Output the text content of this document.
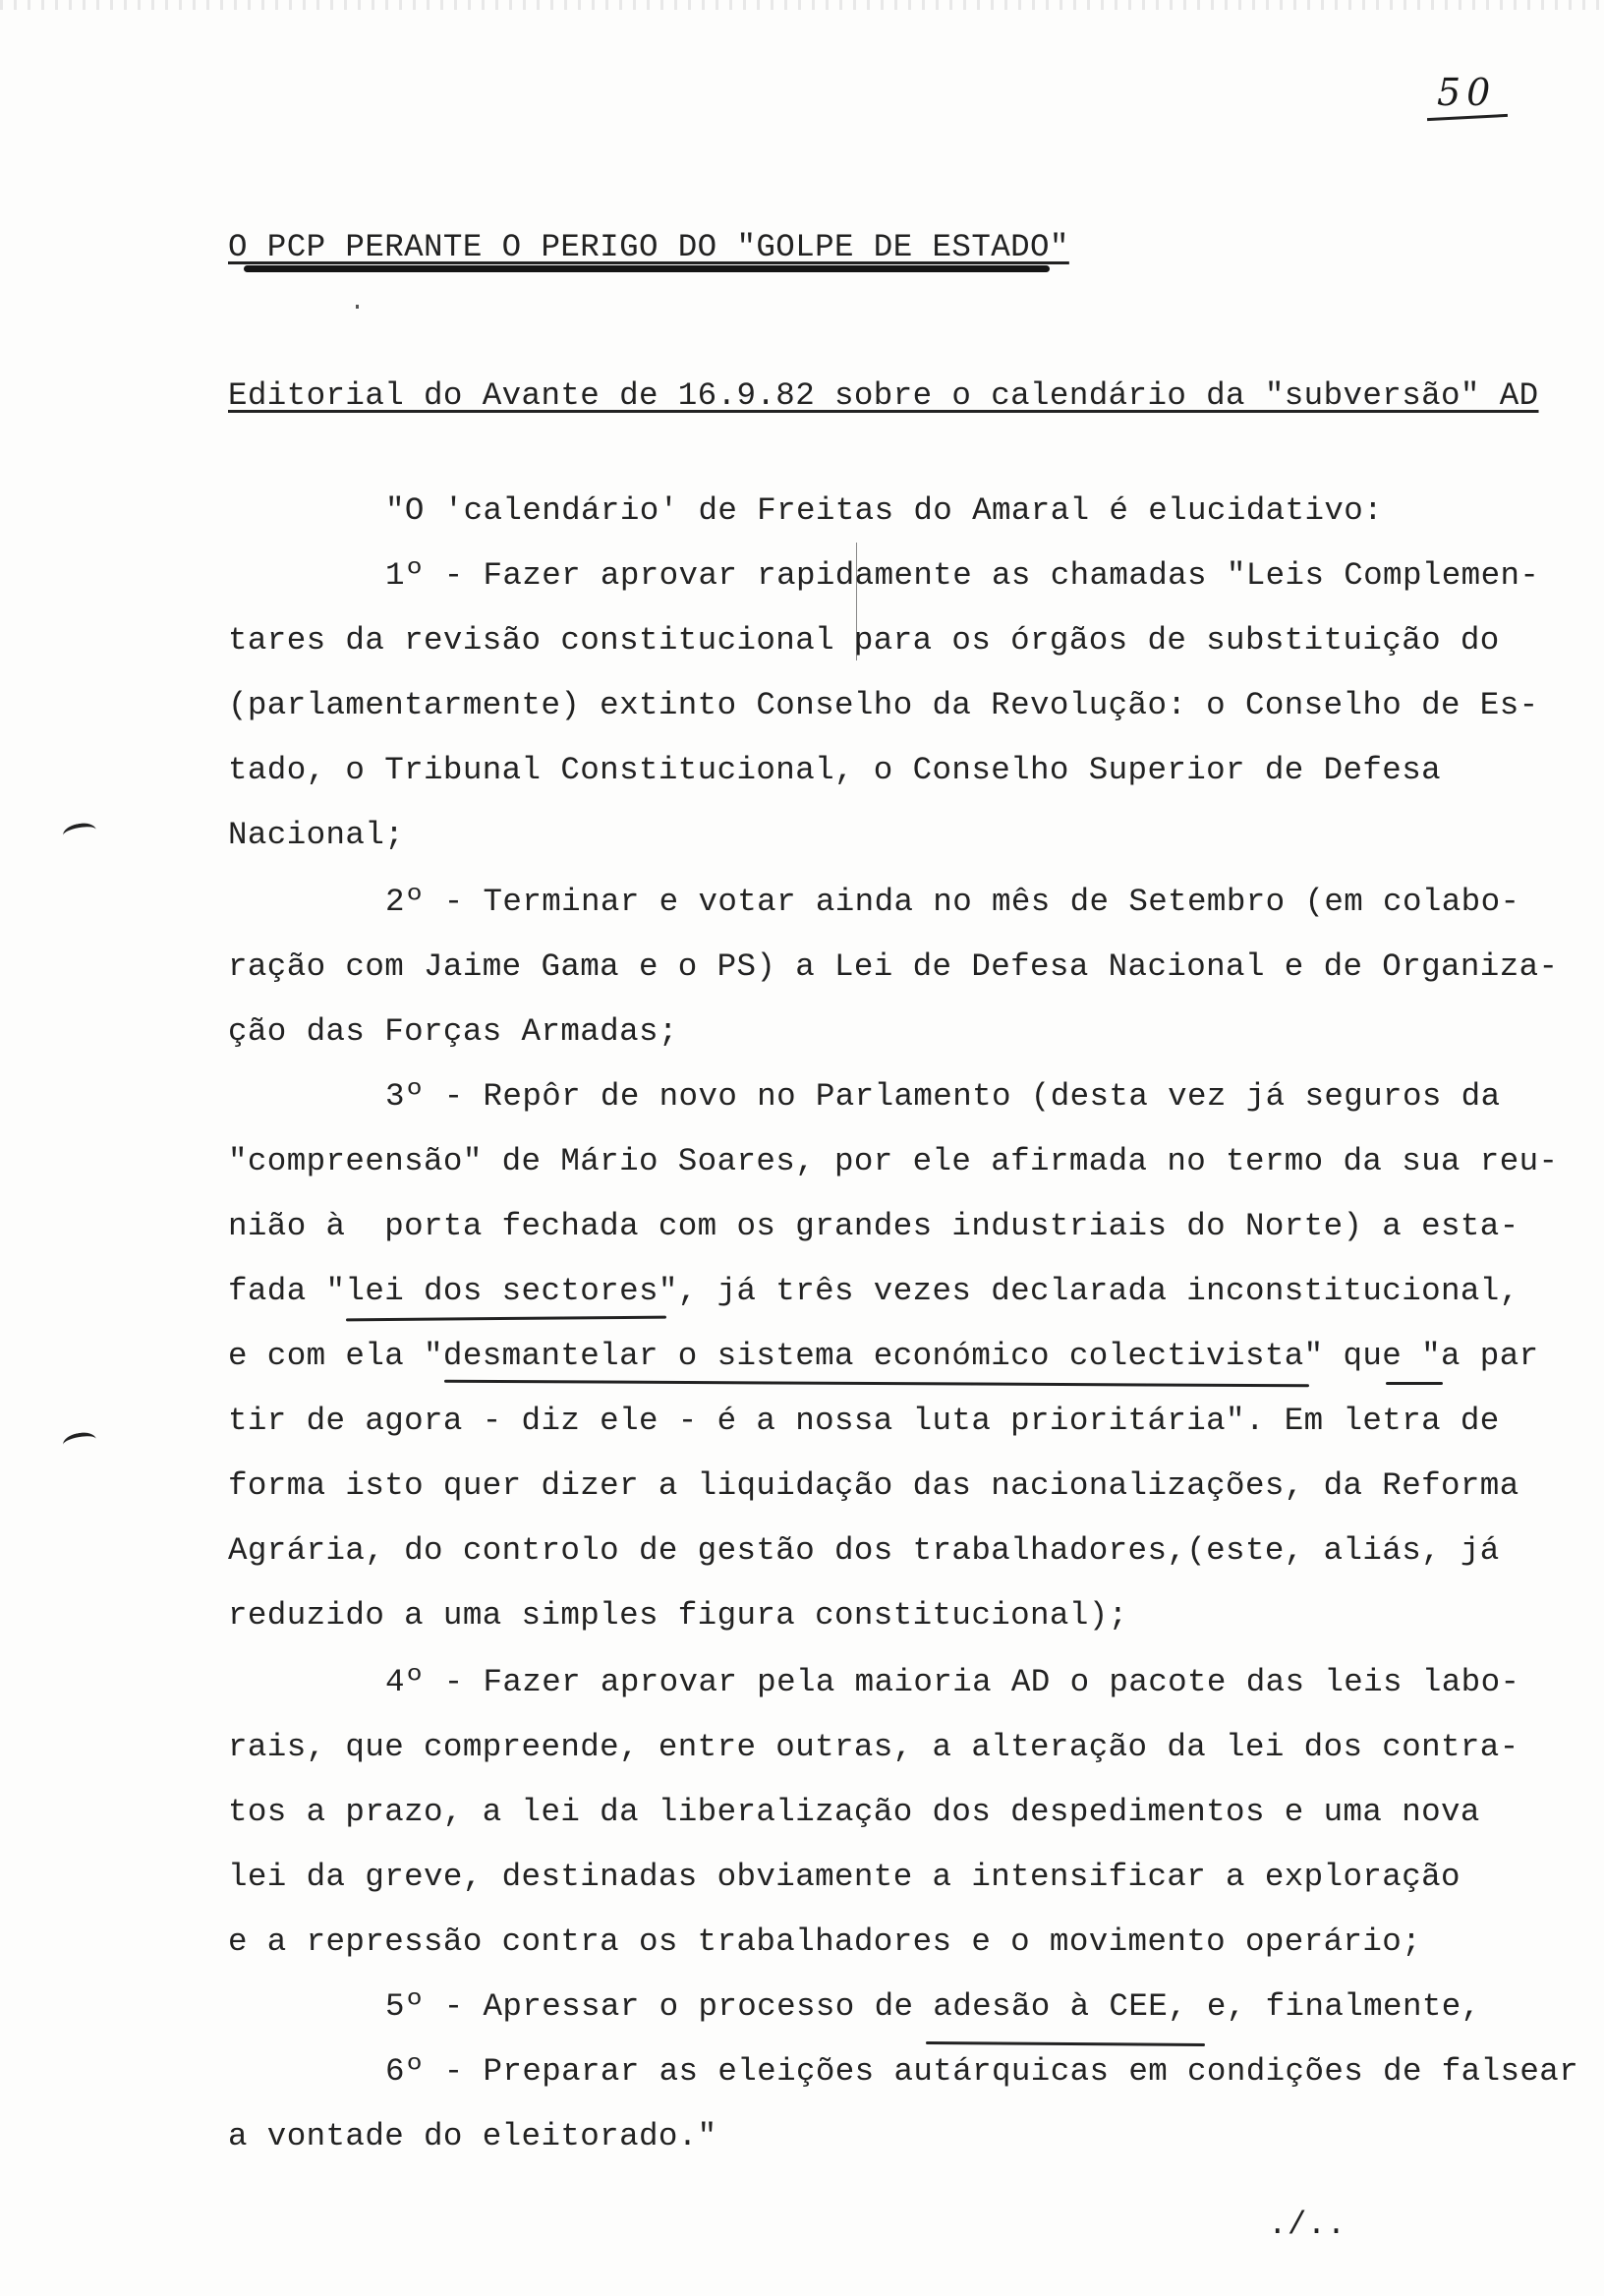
50
O PCP PERANTE O PERIGO DO "GOLPE DE ESTADO"
Editorial do Avante de 16.9.82 sobre o calendário da "subversão" AD
"O 'calendário' de Freitas do Amaral é elucidativo:
1º - Fazer aprovar rapidamente as chamadas "Leis Complemen-
tares da revisão constitucional para os órgãos de substituição do
(parlamentarmente) extinto Conselho da Revolução: o Conselho de Es-
tado, o Tribunal Constitucional, o Conselho Superior de Defesa
Nacional;
2º - Terminar e votar ainda no mês de Setembro (em colabo-
ração com Jaime Gama e o PS) a Lei de Defesa Nacional e de Organiza-
ção das Forças Armadas;
3º - Repôr de novo no Parlamento (desta vez já seguros da
"compreensão" de Mário Soares, por ele afirmada no termo da sua reu-
nião à  porta fechada com os grandes industriais do Norte) a esta-
fada "lei dos sectores", já três vezes declarada inconstitucional,
e com ela "desmantelar o sistema económico colectivista" que "a par
tir de agora - diz ele - é a nossa luta prioritária". Em letra de
forma isto quer dizer a liquidação das nacionalizações, da Reforma
Agrária, do controlo de gestão dos trabalhadores,(este, aliás, já
reduzido a uma simples figura constitucional);
4º - Fazer aprovar pela maioria AD o pacote das leis labo-
rais, que compreende, entre outras, a alteração da lei dos contra-
tos a prazo, a lei da liberalização dos despedimentos e uma nova
lei da greve, destinadas obviamente a intensificar a exploração
e a repressão contra os trabalhadores e o movimento operário;
5º - Apressar o processo de adesão à CEE, e, finalmente,
6º - Preparar as eleições autárquicas em condições de falsear
a vontade do eleitorado."
./..
